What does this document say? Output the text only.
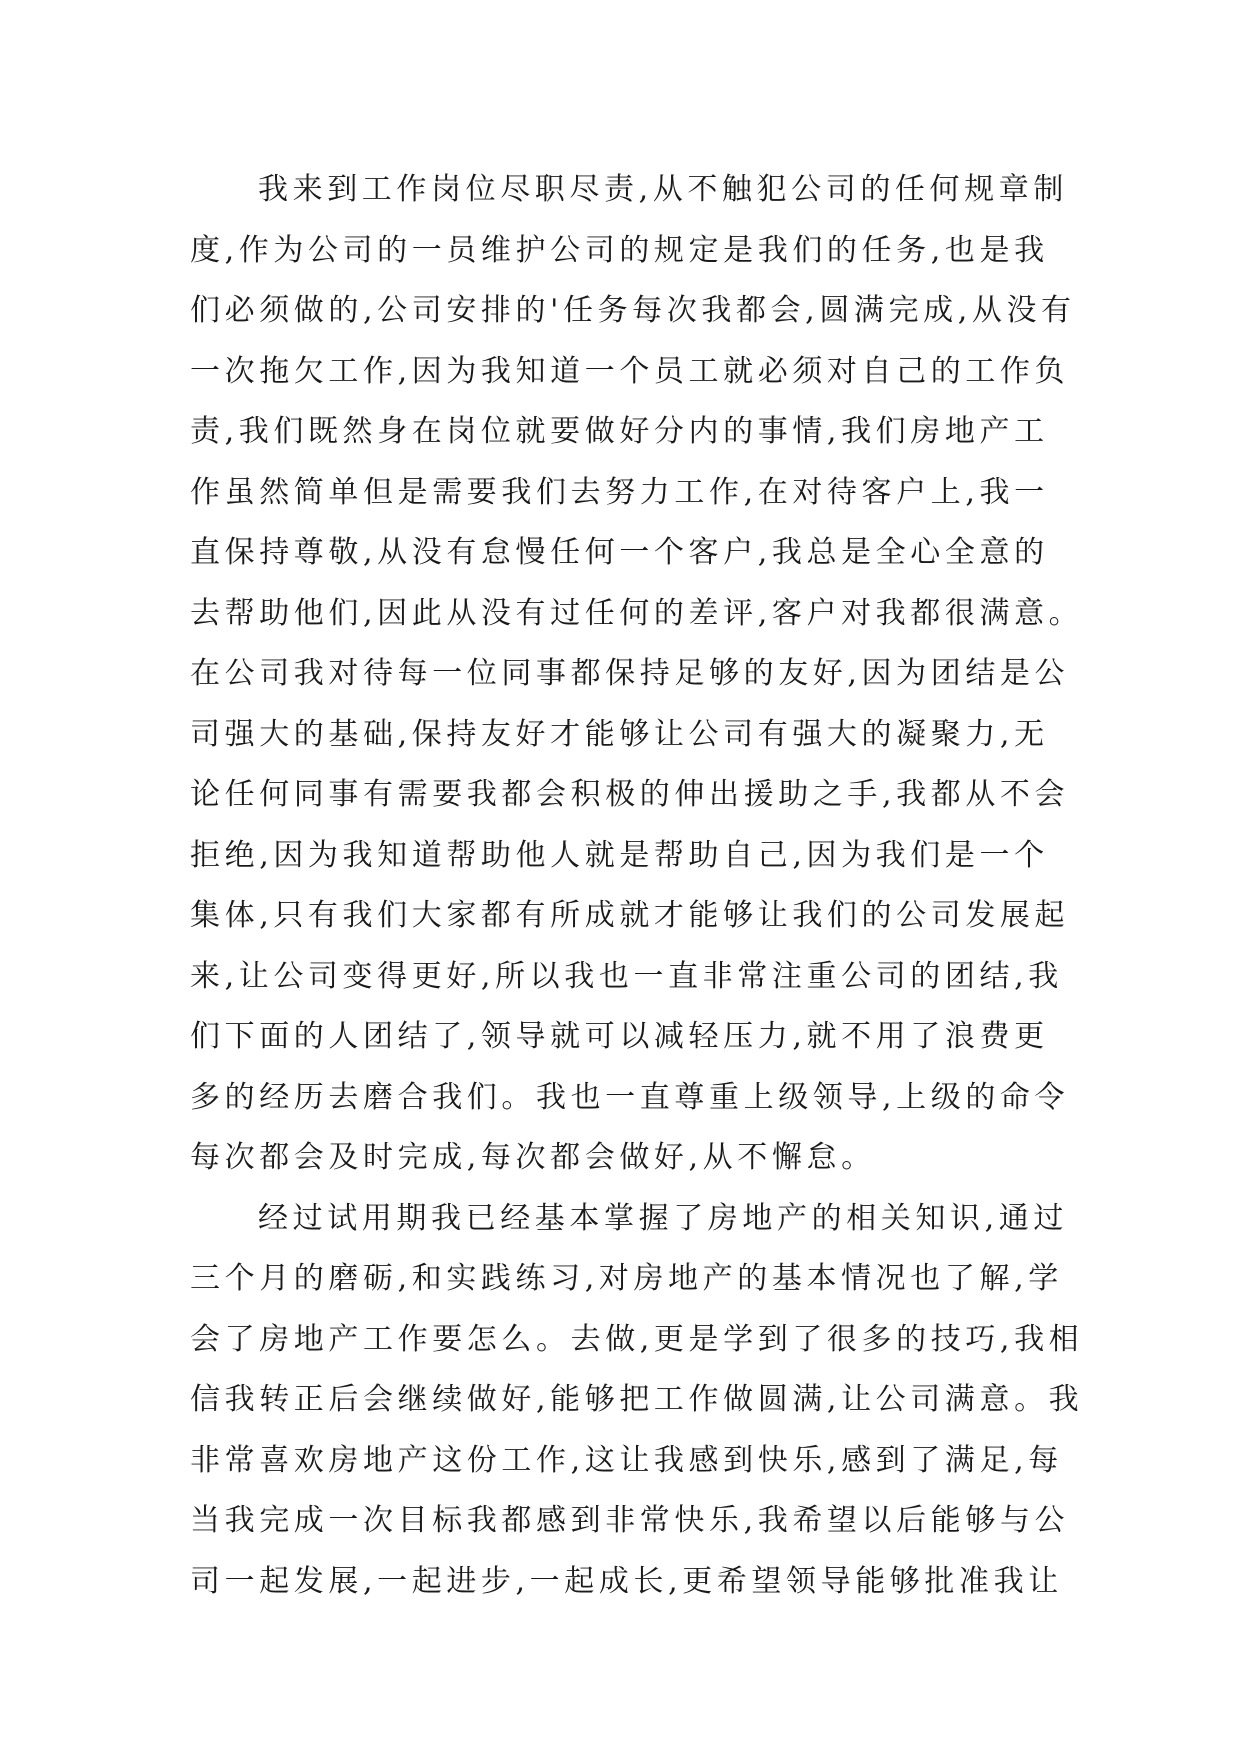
我来到工作岗位尽职尽责,从不触犯公司的任何规章制
度,作为公司的一员维护公司的规定是我们的任务,也是我
们必须做的,公司安排的'任务每次我都会,圆满完成,从没有
一次拖欠工作,因为我知道一个员工就必须对自己的工作负
责,我们既然身在岗位就要做好分内的事情,我们房地产工
作虽然简单但是需要我们去努力工作,在对待客户上,我一
直保持尊敬,从没有怠慢任何一个客户,我总是全心全意的
去帮助他们,因此从没有过任何的差评,客户对我都很满意。
在公司我对待每一位同事都保持足够的友好,因为团结是公
司强大的基础,保持友好才能够让公司有强大的凝聚力,无
论任何同事有需要我都会积极的伸出援助之手,我都从不会
拒绝,因为我知道帮助他人就是帮助自己,因为我们是一个
集体,只有我们大家都有所成就才能够让我们的公司发展起
来,让公司变得更好,所以我也一直非常注重公司的团结,我
们下面的人团结了,领导就可以减轻压力,就不用了浪费更
多的经历去磨合我们。我也一直尊重上级领导,上级的命令
每次都会及时完成,每次都会做好,从不懈怠。
经过试用期我已经基本掌握了房地产的相关知识,通过
三个月的磨砺,和实践练习,对房地产的基本情况也了解,学
会了房地产工作要怎么。去做,更是学到了很多的技巧,我相
信我转正后会继续做好,能够把工作做圆满,让公司满意。我
非常喜欢房地产这份工作,这让我感到快乐,感到了满足,每
当我完成一次目标我都感到非常快乐,我希望以后能够与公
司一起发展,一起进步,一起成长,更希望领导能够批准我让
